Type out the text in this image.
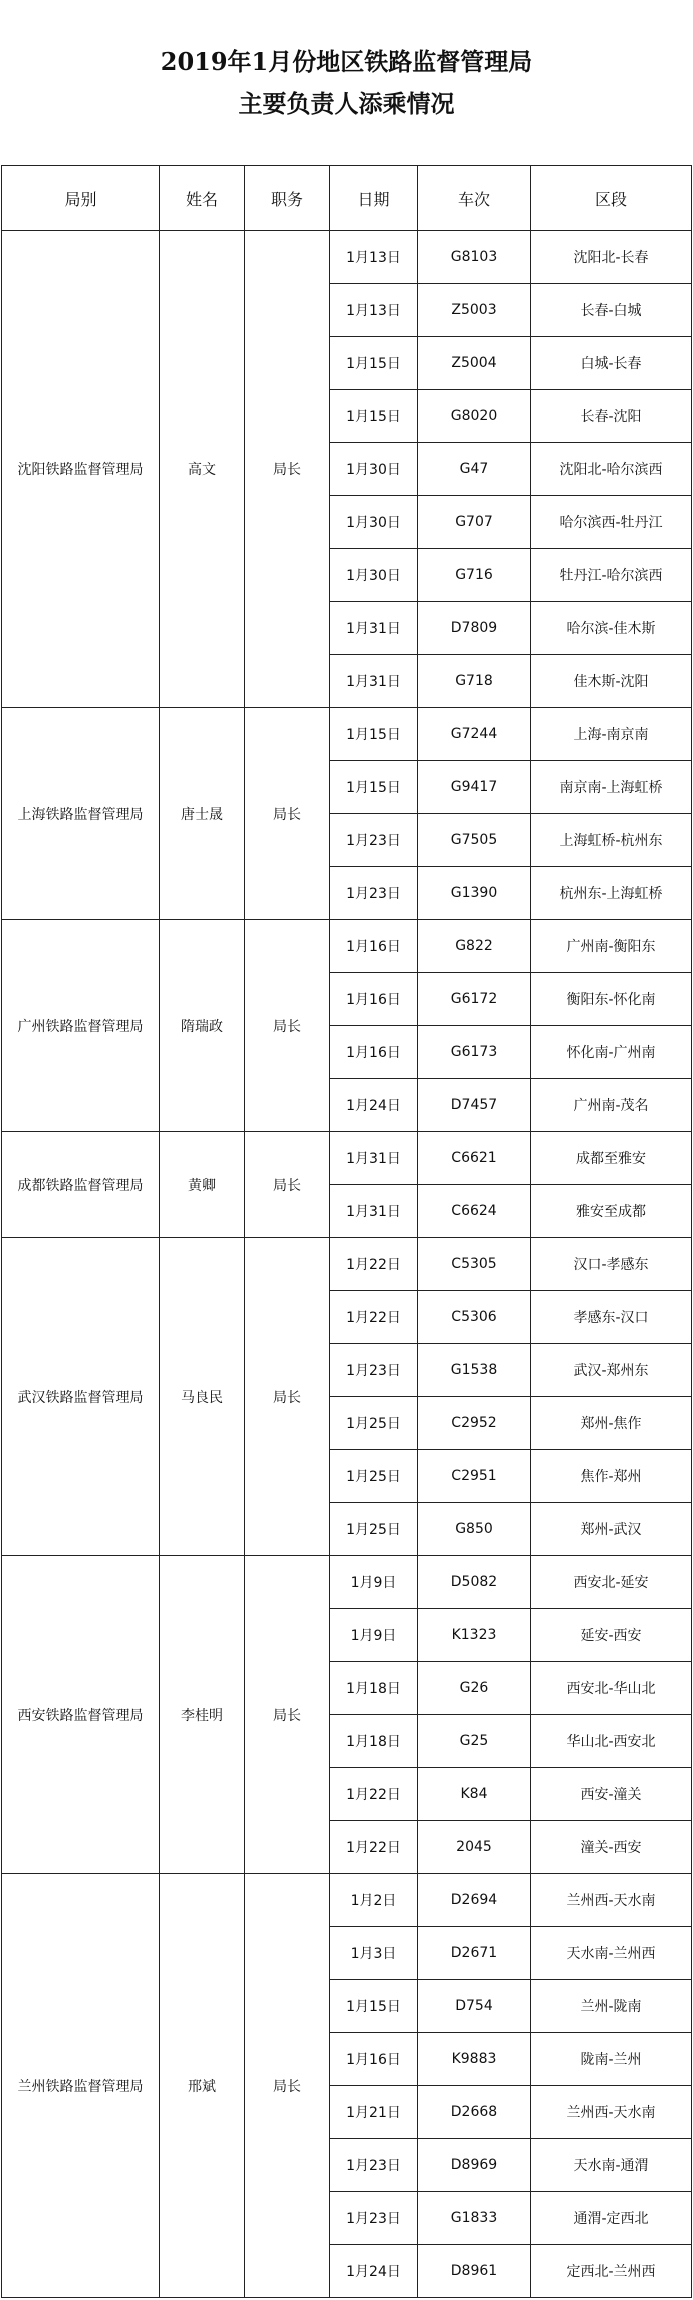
2019年1月份地区铁路监督管理局
主要负责人添乘情况
局别	姓名	职务	日期	车次	区段
沈阳铁路监督管理局	高文	局长	1月13日	G8103	沈阳北-长春
			1月13日	Z5003	长春-白城
			1月15日	Z5004	白城-长春
			1月15日	G8020	长春-沈阳
			1月30日	G47	沈阳北-哈尔滨西
			1月30日	G707	哈尔滨西-牡丹江
			1月30日	G716	牡丹江-哈尔滨西
			1月31日	D7809	哈尔滨-佳木斯
			1月31日	G718	佳木斯-沈阳
上海铁路监督管理局	唐士晟	局长	1月15日	G7244	上海-南京南
			1月15日	G9417	南京南-上海虹桥
			1月23日	G7505	上海虹桥-杭州东
			1月23日	G1390	杭州东-上海虹桥
广州铁路监督管理局	隋瑞政	局长	1月16日	G822	广州南-衡阳东
			1月16日	G6172	衡阳东-怀化南
			1月16日	G6173	怀化南-广州南
			1月24日	D7457	广州南-茂名
成都铁路监督管理局	黄卿	局长	1月31日	C6621	成都至雅安
			1月31日	C6624	雅安至成都
武汉铁路监督管理局	马良民	局长	1月22日	C5305	汉口-孝感东
			1月22日	C5306	孝感东-汉口
			1月23日	G1538	武汉-郑州东
			1月25日	C2952	郑州-焦作
			1月25日	C2951	焦作-郑州
			1月25日	G850	郑州-武汉
西安铁路监督管理局	李桂明	局长	1月9日	D5082	西安北-延安
			1月9日	K1323	延安-西安
			1月18日	G26	西安北-华山北
			1月18日	G25	华山北-西安北
			1月22日	K84	西安-潼关
			1月22日	2045	潼关-西安
兰州铁路监督管理局	邢斌	局长	1月2日	D2694	兰州西-天水南
			1月3日	D2671	天水南-兰州西
			1月15日	D754	兰州-陇南
			1月16日	K9883	陇南-兰州
			1月21日	D2668	兰州西-天水南
			1月23日	D8969	天水南-通渭
			1月23日	G1833	通渭-定西北
			1月24日	D8961	定西北-兰州西
